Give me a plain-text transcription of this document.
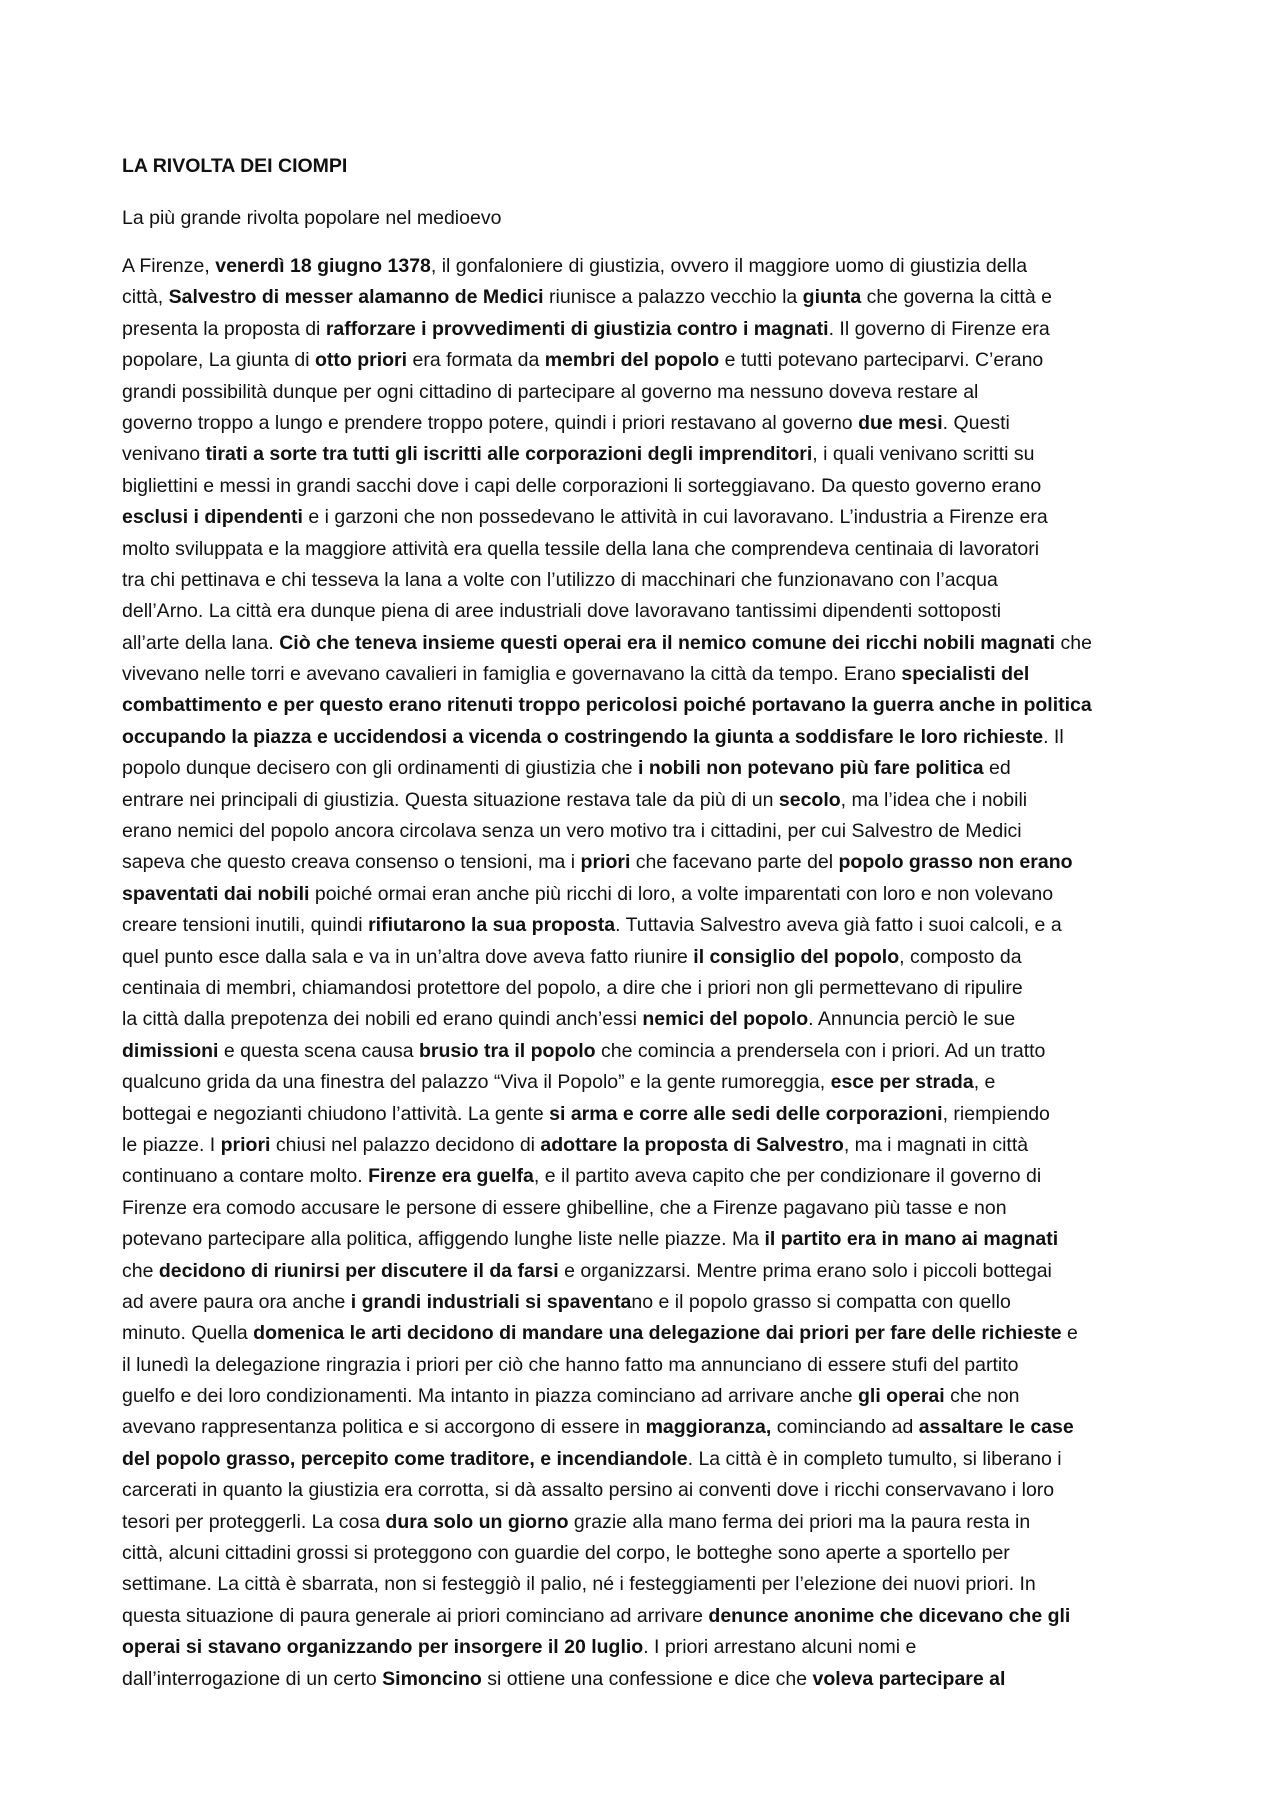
LA RIVOLTA DEI CIOMPI
La più grande rivolta popolare nel medioevo
A Firenze, venerdì 18 giugno 1378, il gonfaloniere di giustizia, ovvero il maggiore uomo di giustizia della
città, Salvestro di messer alamanno de Medici riunisce a palazzo vecchio la giunta che governa la città e
presenta la proposta di rafforzare i provvedimenti di giustizia contro i magnati. Il governo di Firenze era
popolare, La giunta di otto priori era formata da membri del popolo e tutti potevano parteciparvi. C’erano
grandi possibilità dunque per ogni cittadino di partecipare al governo ma nessuno doveva restare al
governo troppo a lungo e prendere troppo potere, quindi i priori restavano al governo due mesi. Questi
venivano tirati a sorte tra tutti gli iscritti alle corporazioni degli imprenditori, i quali venivano scritti su
bigliettini e messi in grandi sacchi dove i capi delle corporazioni li sorteggiavano. Da questo governo erano
esclusi i dipendenti e i garzoni che non possedevano le attività in cui lavoravano. L’industria a Firenze era
molto sviluppata e la maggiore attività era quella tessile della lana che comprendeva centinaia di lavoratori
tra chi pettinava e chi tesseva la lana a volte con l’utilizzo di macchinari che funzionavano con l’acqua
dell’Arno. La città era dunque piena di aree industriali dove lavoravano tantissimi dipendenti sottoposti
all’arte della lana. Ciò che teneva insieme questi operai era il nemico comune dei ricchi nobili magnati che
vivevano nelle torri e avevano cavalieri in famiglia e governavano la città da tempo. Erano specialisti del
combattimento e per questo erano ritenuti troppo pericolosi poiché portavano la guerra anche in politica
occupando la piazza e uccidendosi a vicenda o costringendo la giunta a soddisfare le loro richieste. Il
popolo dunque decisero con gli ordinamenti di giustizia che i nobili non potevano più fare politica ed
entrare nei principali di giustizia. Questa situazione restava tale da più di un secolo, ma l’idea che i nobili
erano nemici del popolo ancora circolava senza un vero motivo tra i cittadini, per cui Salvestro de Medici
sapeva che questo creava consenso o tensioni, ma i priori che facevano parte del popolo grasso non erano
spaventati dai nobili poiché ormai eran anche più ricchi di loro, a volte imparentati con loro e non volevano
creare tensioni inutili, quindi rifiutarono la sua proposta. Tuttavia Salvestro aveva già fatto i suoi calcoli, e a
quel punto esce dalla sala e va in un’altra dove aveva fatto riunire il consiglio del popolo, composto da
centinaia di membri, chiamandosi protettore del popolo, a dire che i priori non gli permettevano di ripulire
la città dalla prepotenza dei nobili ed erano quindi anch’essi nemici del popolo. Annuncia perciò le sue
dimissioni e questa scena causa brusio tra il popolo che comincia a prendersela con i priori. Ad un tratto
qualcuno grida da una finestra del palazzo “Viva il Popolo” e la gente rumoreggia, esce per strada, e
bottegai e negozianti chiudono l’attività. La gente si arma e corre alle sedi delle corporazioni, riempiendo
le piazze. I priori chiusi nel palazzo decidono di adottare la proposta di Salvestro, ma i magnati in città
continuano a contare molto. Firenze era guelfa, e il partito aveva capito che per condizionare il governo di
Firenze era comodo accusare le persone di essere ghibelline, che a Firenze pagavano più tasse e non
potevano partecipare alla politica, affiggendo lunghe liste nelle piazze. Ma il partito era in mano ai magnati
che decidono di riunirsi per discutere il da farsi e organizzarsi. Mentre prima erano solo i piccoli bottegai
ad avere paura ora anche i grandi industriali si spaventano e il popolo grasso si compatta con quello
minuto. Quella domenica le arti decidono di mandare una delegazione dai priori per fare delle richieste e
il lunedì la delegazione ringrazia i priori per ciò che hanno fatto ma annunciano di essere stufi del partito
guelfo e dei loro condizionamenti. Ma intanto in piazza cominciano ad arrivare anche gli operai che non
avevano rappresentanza politica e si accorgono di essere in maggioranza, cominciando ad assaltare le case
del popolo grasso, percepito come traditore, e incendiandole. La città è in completo tumulto, si liberano i
carcerati in quanto la giustizia era corrotta, si dà assalto persino ai conventi dove i ricchi conservavano i loro
tesori per proteggerli. La cosa dura solo un giorno grazie alla mano ferma dei priori ma la paura resta in
città, alcuni cittadini grossi si proteggono con guardie del corpo, le botteghe sono aperte a sportello per
settimane. La città è sbarrata, non si festeggiò il palio, né i festeggiamenti per l’elezione dei nuovi priori. In
questa situazione di paura generale ai priori cominciano ad arrivare denunce anonime che dicevano che gli
operai si stavano organizzando per insorgere il 20 luglio. I priori arrestano alcuni nomi e
dall’interrogazione di un certo Simoncino si ottiene una confessione e dice che voleva partecipare al
